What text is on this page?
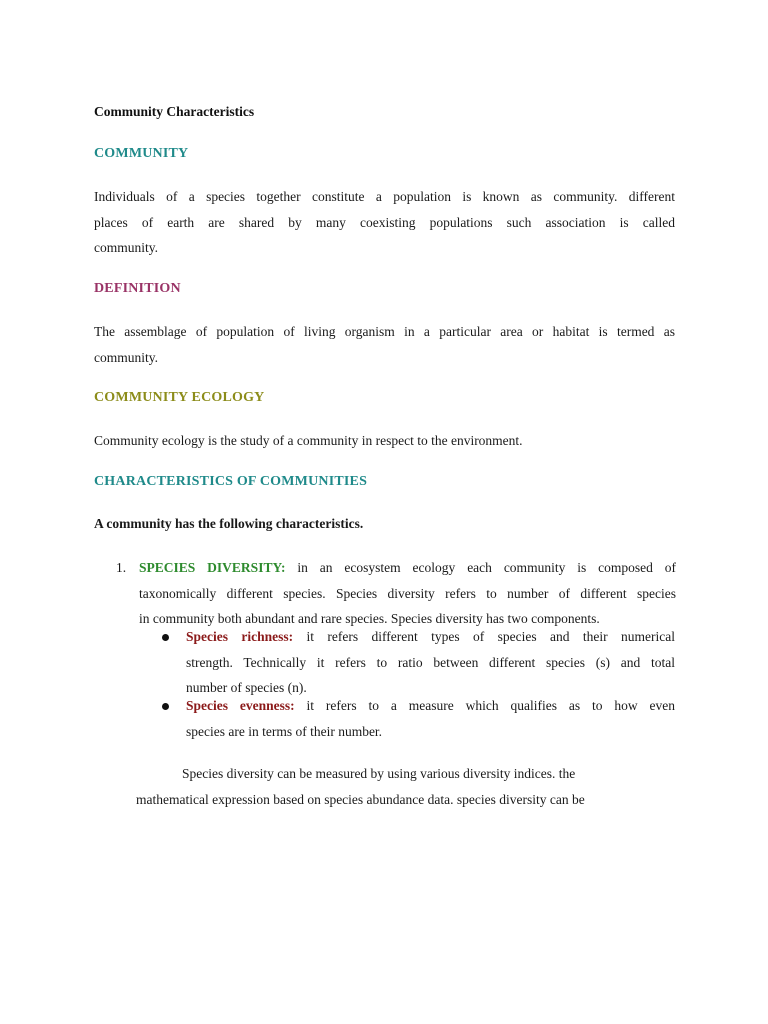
Community Characteristics
COMMUNITY
Individuals of a species together constitute a population is known as community. different
places of earth are shared by many coexisting populations such association is called
community.
DEFINITION
The assemblage of population of living organism in a particular area or habitat is termed as
community.
COMMUNITY ECOLOGY
Community ecology is the study of a community in respect to the environment.
CHARACTERISTICS OF COMMUNITIES
A community has the following characteristics.
1. SPECIES DIVERSITY: in an ecosystem ecology each community is composed of
taxonomically different species. Species diversity refers to number of different species
in community both abundant and rare species. Species diversity has two components.
Species richness: it refers different types of species and their numerical
strength. Technically it refers to ratio between different species (s) and total
number of species (n).
Species evenness: it refers to a measure which qualifies as to how even
species are in terms of their number.
Species diversity can be measured by using various diversity indices. the
mathematical expression based on species abundance data. species diversity can be
